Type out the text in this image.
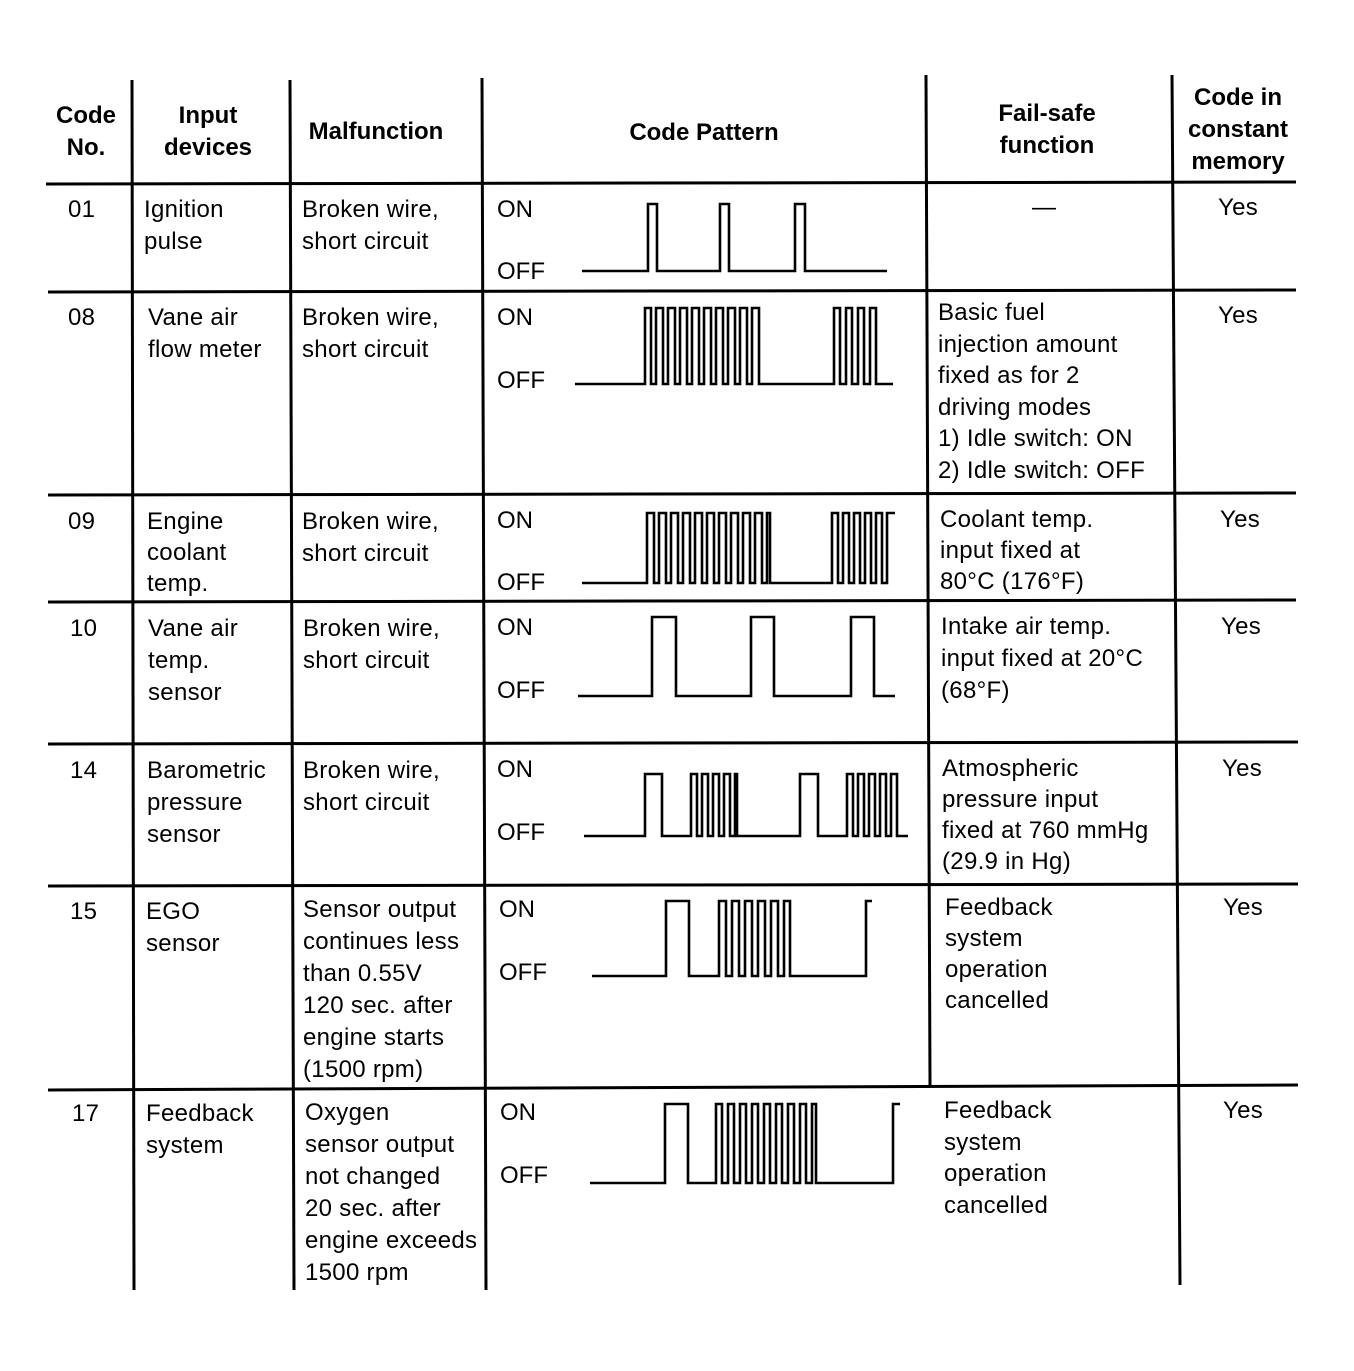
Code
No.
Input
devices
Malfunction	Code Pattern
Fail-safe
function
Code in
constant
memory
01 Ignition
pulse
Broken wire,
short circuit
ON
OFF
—	Yes
08 Vane air
flow meter
Broken wire,
short circuit
ON
OFF
Basic fuel
injection amount
fixed as for 2
driving modes
1) Idle switch: ON
2) Idle switch: OFF
Yes
09 Engine
coolant
temp.
Broken wire,
short circuit
ON
OFF
Coolant temp.
input fixed at
80°C (176°F)
Yes
10 Vane air
temp.
sensor
Broken wire,
short circuit
ON
OFF
Intake air temp.
input fixed at 20°C
(68°F)
Yes
14 Barometric
pressure
sensor
Broken wire,
short circuit
ON
OFF
Atmospheric
pressure input
fixed at 760 mmHg
(29.9 in Hg)
Yes
15 EGO
sensor
Sensor output
continues less
than 0.55V
120 sec. after
engine starts
(1500 rpm)
ON
OFF
Feedback
system
operation
cancelled
Yes
17 Feedback
system
Oxygen
sensor output
not changed
20 sec. after
engine exceeds
1500 rpm
ON
OFF
Feedback
system
operation
cancelled
Yes
